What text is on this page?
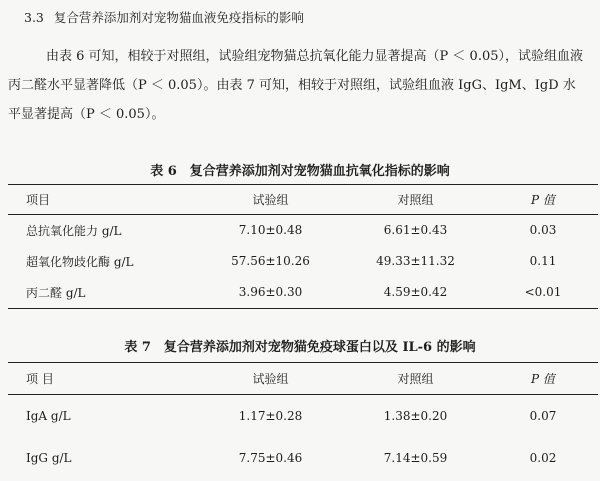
3.3 复合营养添加剂对宠物猫血液免疫指标的影响

由表 6 可知，相较于对照组，试验组宠物猫总抗氧化能力显著提高（P ＜ 0.05），试验组血液丙二醛水平显著降低（P ＜ 0.05）。由表 7 可知，相较于对照组，试验组血液 IgG、IgM、IgD 水平显著提高（P ＜ 0.05）。

表 6　复合营养添加剂对宠物猫血抗氧化指标的影响

项目	试验组	对照组	P 值
总抗氧化能力 g/L	7.10±0.48	6.61±0.43	0.03
超氧化物歧化酶 g/L	57.56±10.26	49.33±11.32	0.11
丙二醛 g/L	3.96±0.30	4.59±0.42	<0.01

表 7　复合营养添加剂对宠物猫免疫球蛋白以及 IL-6 的影响

项 目	试验组	对照组	P 值
IgA g/L	1.17±0.28	1.38±0.20	0.07
IgG g/L	7.75±0.46	7.14±0.59	0.02
